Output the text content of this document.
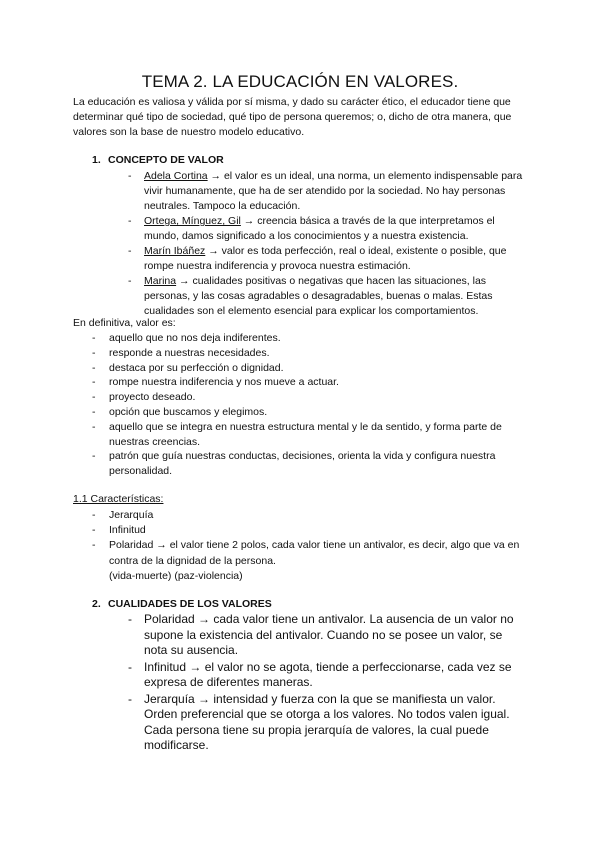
TEMA 2. LA EDUCACIÓN EN VALORES.

La educación es valiosa y válida por sí misma, y dado su carácter ético, el educador tiene que determinar qué tipo de sociedad, qué tipo de persona queremos; o, dicho de otra manera, que valores son la base de nuestro modelo educativo.

1. CONCEPTO DE VALOR

- Adela Cortina → el valor es un ideal, una norma, un elemento indispensable para vivir humanamente, que ha de ser atendido por la sociedad. No hay personas neutrales. Tampoco la educación.
- Ortega, Mínguez, Gil → creencia básica a través de la que interpretamos el mundo, damos significado a los conocimientos y a nuestra existencia.
- Marín Ibáñez → valor es toda perfección, real o ideal, existente o posible, que rompe nuestra indiferencia y provoca nuestra estimación.
- Marina → cualidades positivas o negativas que hacen las situaciones, las personas, y las cosas agradables o desagradables, buenas o malas. Estas cualidades son el elemento esencial para explicar los comportamientos.

En definitiva, valor es:

- aquello que no nos deja indiferentes.
- responde a nuestras necesidades.
- destaca por su perfección o dignidad.
- rompe nuestra indiferencia y nos mueve a actuar.
- proyecto deseado.
- opción que buscamos y elegimos.
- aquello que se integra en nuestra estructura mental y le da sentido, y forma parte de nuestras creencias.
- patrón que guía nuestras conductas, decisiones, orienta la vida y configura nuestra personalidad.

1.1 Características:

- Jerarquía
- Infinitud
- Polaridad → el valor tiene 2 polos, cada valor tiene un antivalor, es decir, algo que va en contra de la dignidad de la persona.
(vida-muerte) (paz-violencia)

2. CUALIDADES DE LOS VALORES

- Polaridad → cada valor tiene un antivalor. La ausencia de un valor no supone la existencia del antivalor. Cuando no se posee un valor, se nota su ausencia.
- Infinitud → el valor no se agota, tiende a perfeccionarse, cada vez se expresa de diferentes maneras.
- Jerarquía → intensidad y fuerza con la que se manifiesta un valor. Orden preferencial que se otorga a los valores. No todos valen igual. Cada persona tiene su propia jerarquía de valores, la cual puede modificarse.
